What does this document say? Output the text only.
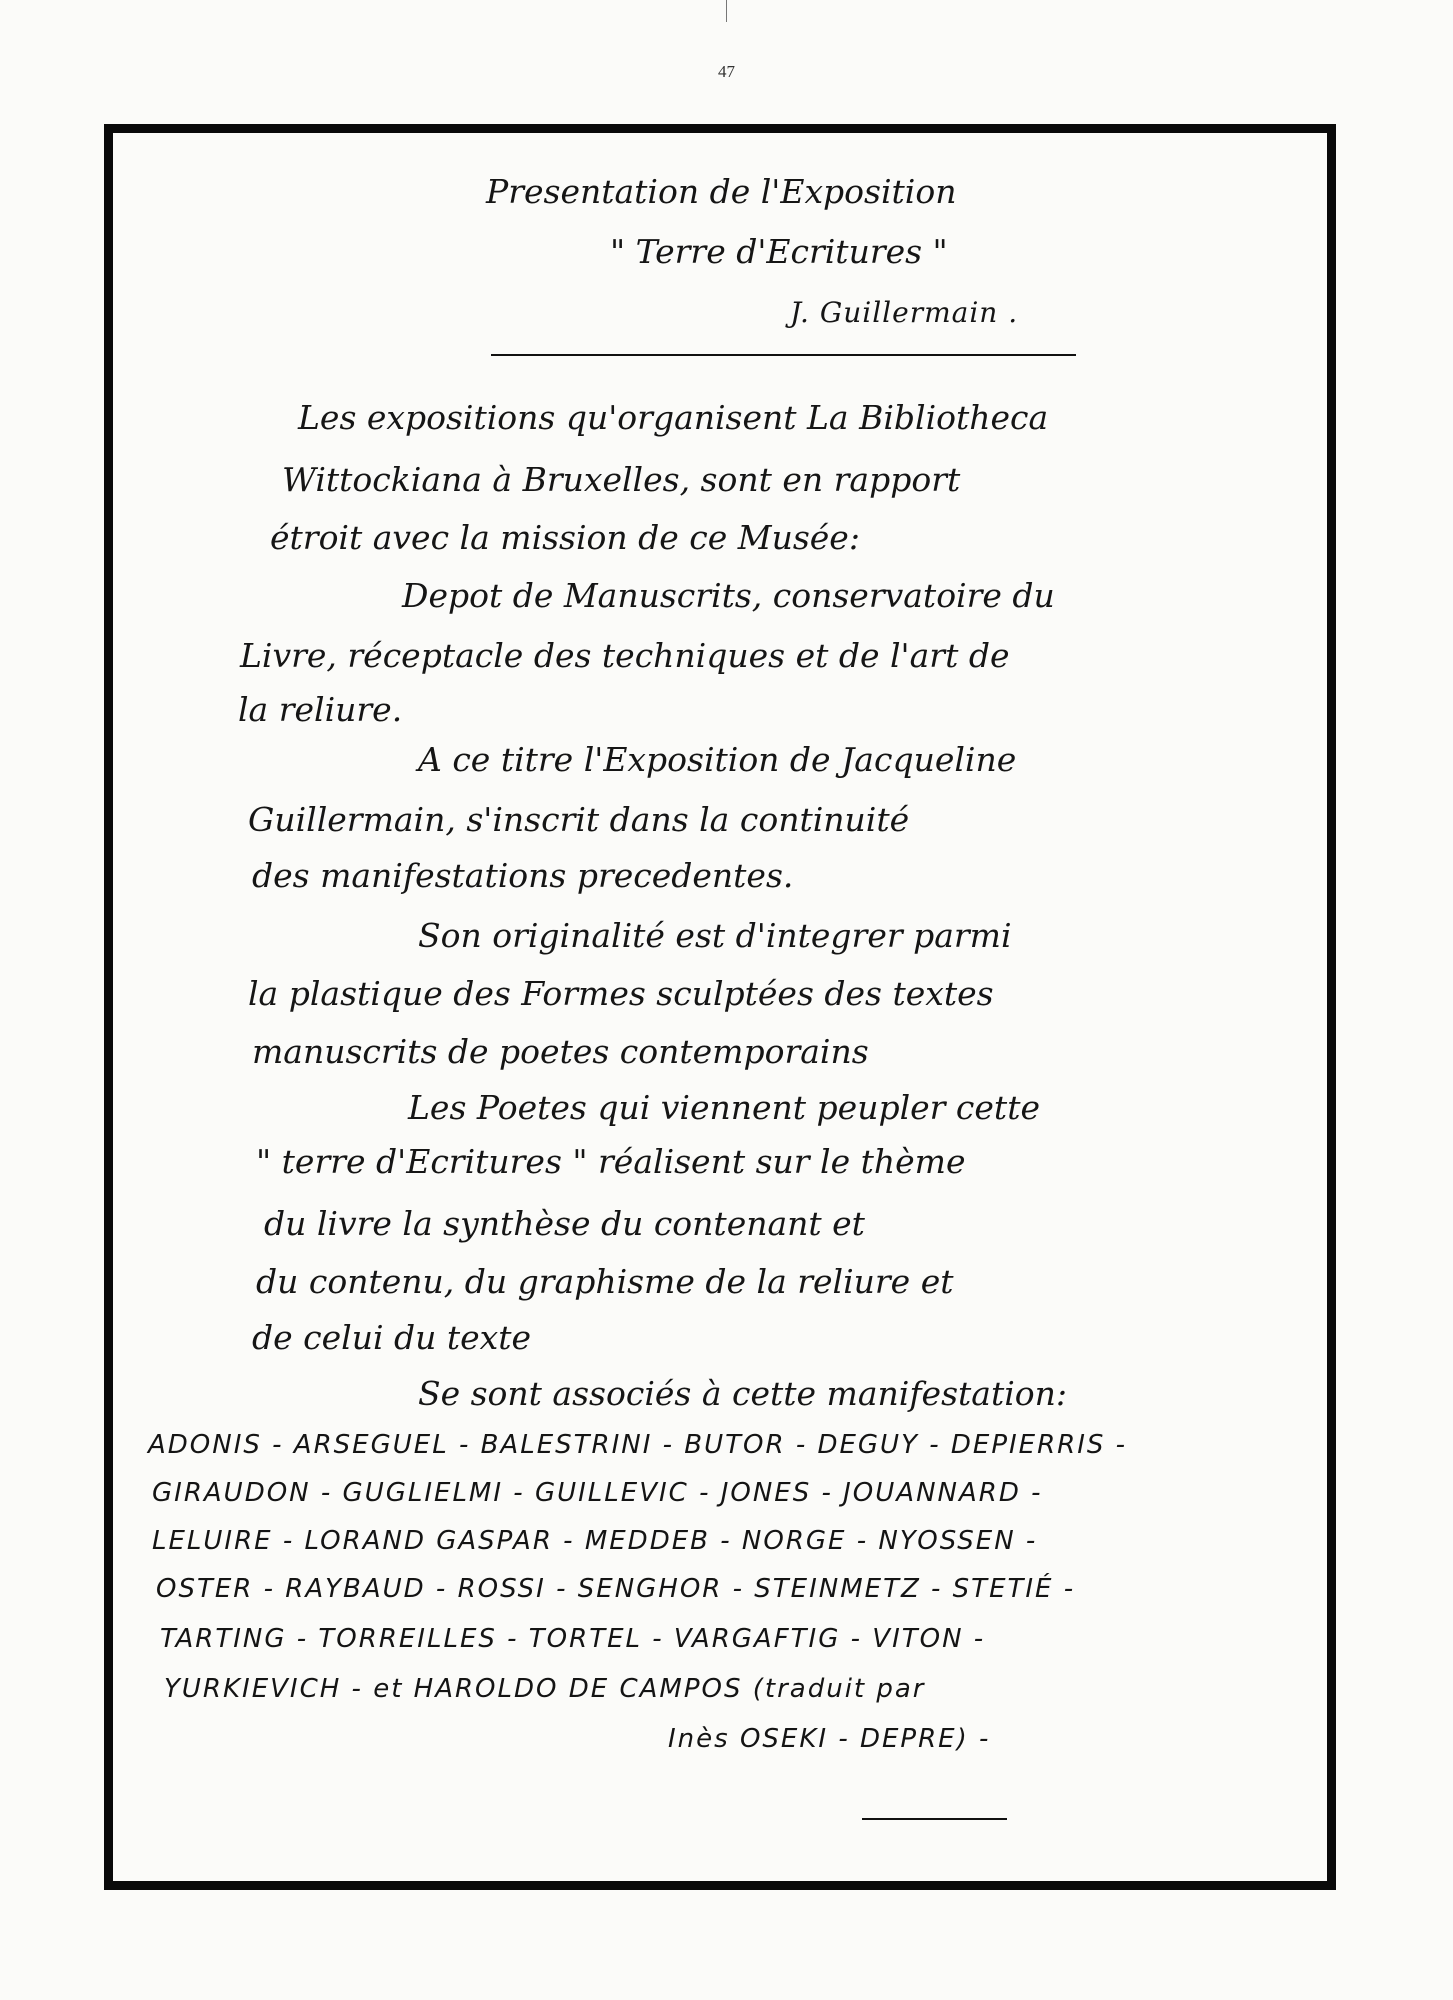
47
Presentation de l'Exposition
" Terre d'Ecritures "
J. Guillermain .
Les expositions qu'organisent La Bibliotheca
Wittockiana à Bruxelles, sont en rapport
étroit avec la mission de ce Musée:
Depot de Manuscrits, conservatoire du
Livre, réceptacle des techniques et de l'art de
la reliure.
A ce titre l'Exposition de Jacqueline
Guillermain, s'inscrit dans la continuité
des manifestations precedentes.
Son originalité est d'integrer parmi
la plastique des Formes sculptées des textes
manuscrits de poetes contemporains
Les Poetes qui viennent peupler cette
" terre d'Ecritures " réalisent sur le thème
du livre la synthèse du contenant et
du contenu, du graphisme de la reliure et
de celui du texte
Se sont associés à cette manifestation:
ADONIS - ARSEGUEL - BALESTRINI - BUTOR - DEGUY - DEPIERRIS -
GIRAUDON - GUGLIELMI - GUILLEVIC - JONES - JOUANNARD -
LELUIRE - LORAND GASPAR - MEDDEB - NORGE - NYOSSEN -
OSTER - RAYBAUD - ROSSI - SENGHOR - STEINMETZ - STETIÉ -
TARTING - TORREILLES - TORTEL - VARGAFTIG - VITON -
YURKIEVICH - et HAROLDO DE CAMPOS (traduit par
Inès OSEKI - DEPRE) -
